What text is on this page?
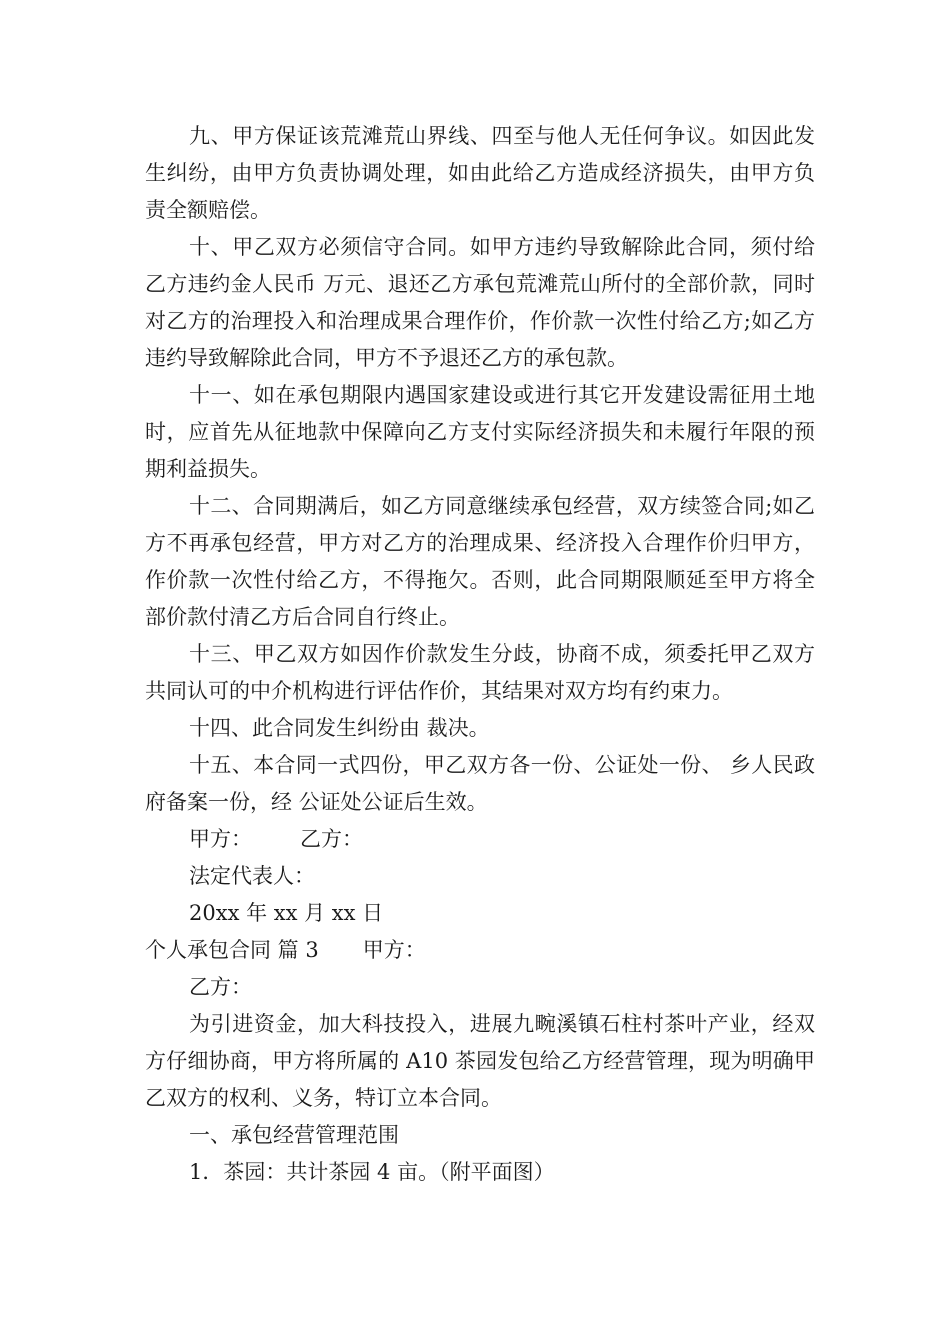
九、甲方保证该荒滩荒山界线、四至与他人无任何争议。如因此发生纠纷，由甲方负责协调处理，如由此给乙方造成经济损失，由甲方负责全额赔偿。

十、甲乙双方必须信守合同。如甲方违约导致解除此合同，须付给乙方违约金人民币 万元、退还乙方承包荒滩荒山所付的全部价款，同时对乙方的治理投入和治理成果合理作价，作价款一次性付给乙方;如乙方违约导致解除此合同，甲方不予退还乙方的承包款。

十一、如在承包期限内遇国家建设或进行其它开发建设需征用土地时，应首先从征地款中保障向乙方支付实际经济损失和未履行年限的预期利益损失。

十二、合同期满后，如乙方同意继续承包经营，双方续签合同;如乙方不再承包经营，甲方对乙方的治理成果、经济投入合理作价归甲方，作价款一次性付给乙方，不得拖欠。否则，此合同期限顺延至甲方将全部价款付清乙方后合同自行终止。

十三、甲乙双方如因作价款发生分歧，协商不成，须委托甲乙双方共同认可的中介机构进行评估作价，其结果对双方均有约束力。

十四、此合同发生纠纷由 裁决。

十五、本合同一式四份，甲乙双方各一份、公证处一份、 乡人民政府备案一份，经 公证处公证后生效。

甲方： 乙方：

法定代表人：

20xx 年 xx 月 xx 日

个人承包合同 篇 3 甲方：

乙方：

为引进资金，加大科技投入，进展九畹溪镇石柱村茶叶产业，经双方仔细协商，甲方将所属的 A10 茶园发包给乙方经营管理，现为明确甲乙双方的权利、义务，特订立本合同。

一、承包经营管理范围

1．茶园：共计茶园 4 亩。（附平面图）
